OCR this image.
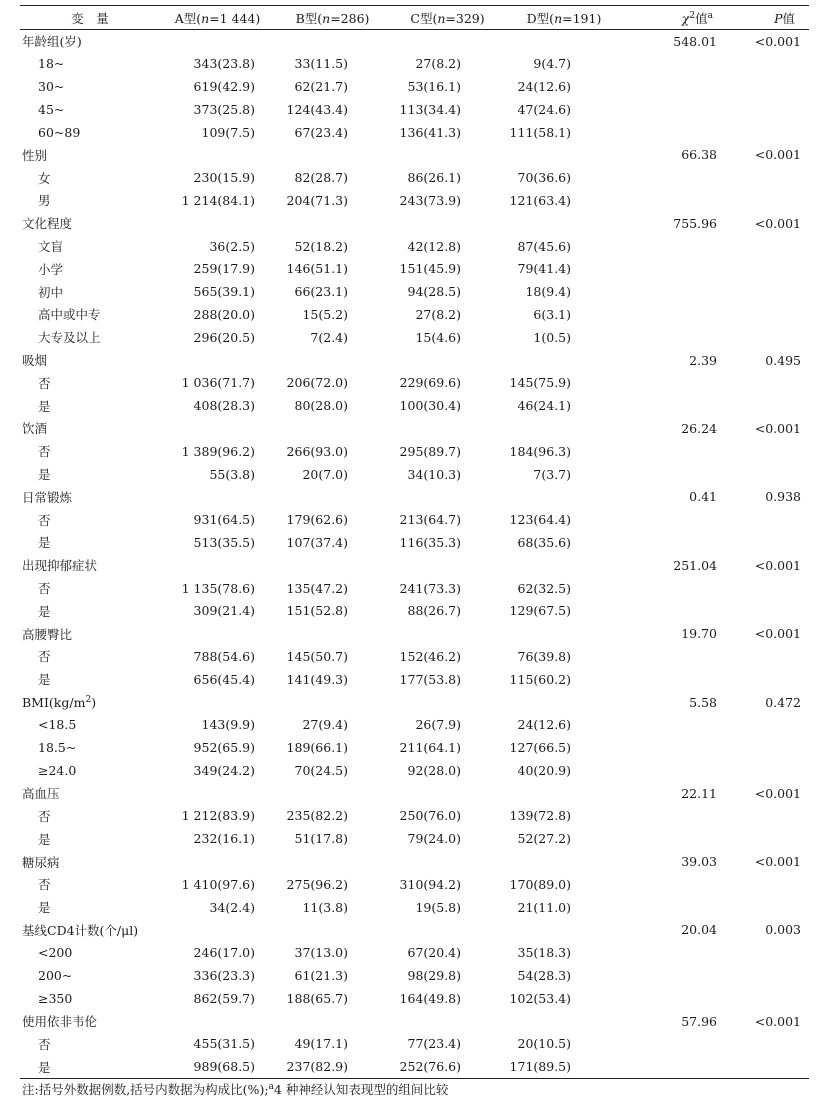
变　量	A型(n=1 444)	B型(n=286)	C型(n=329)	D型(n=191)	$\chi^2$值$^a$	P值
年龄组(岁)					548.01	<0.001
18~	343(23.8)	33(11.5)	27(8.2)	9(4.7)		
30~	619(42.9)	62(21.7)	53(16.1)	24(12.6)		
45~	373(25.8)	124(43.4)	113(34.4)	47(24.6)		
60~89	109(7.5)	67(23.4)	136(41.3)	111(58.1)		
性别					66.38	<0.001
女	230(15.9)	82(28.7)	86(26.1)	70(36.6)		
男	1 214(84.1)	204(71.3)	243(73.9)	121(63.4)		
文化程度					755.96	<0.001
文盲	36(2.5)	52(18.2)	42(12.8)	87(45.6)		
小学	259(17.9)	146(51.1)	151(45.9)	79(41.4)		
初中	565(39.1)	66(23.1)	94(28.5)	18(9.4)		
高中或中专	288(20.0)	15(5.2)	27(8.2)	6(3.1)		
大专及以上	296(20.5)	7(2.4)	15(4.6)	1(0.5)		
吸烟					2.39	0.495
否	1 036(71.7)	206(72.0)	229(69.6)	145(75.9)		
是	408(28.3)	80(28.0)	100(30.4)	46(24.1)		
饮酒					26.24	<0.001
否	1 389(96.2)	266(93.0)	295(89.7)	184(96.3)		
是	55(3.8)	20(7.0)	34(10.3)	7(3.7)		
日常锻炼					0.41	0.938
否	931(64.5)	179(62.6)	213(64.7)	123(64.4)		
是	513(35.5)	107(37.4)	116(35.3)	68(35.6)		
出现抑郁症状					251.04	<0.001
否	1 135(78.6)	135(47.2)	241(73.3)	62(32.5)		
是	309(21.4)	151(52.8)	88(26.7)	129(67.5)		
高腰臀比					19.70	<0.001
否	788(54.6)	145(50.7)	152(46.2)	76(39.8)		
是	656(45.4)	141(49.3)	177(53.8)	115(60.2)		
$BMI(kg/m^2)$					5.58	0.472
<18.5	143(9.9)	27(9.4)	26(7.9)	24(12.6)		
18.5~	952(65.9)	189(66.1)	211(64.1)	127(66.5)		
≥24.0	349(24.2)	70(24.5)	92(28.0)	40(20.9)		
高血压					22.11	<0.001
否	1 212(83.9)	235(82.2)	250(76.0)	139(72.8)		
是	232(16.1)	51(17.8)	79(24.0)	52(27.2)		
糖尿病					39.03	<0.001
否	1 410(97.6)	275(96.2)	310(94.2)	170(89.0)		
是	34(2.4)	11(3.8)	19(5.8)	21(11.0)		
基线CD4计数(个/μl)					20.04	0.003
<200	246(17.0)	37(13.0)	67(20.4)	35(18.3)		
200~	336(23.3)	61(21.3)	98(29.8)	54(28.3)		
≥350	862(59.7)	188(65.7)	164(49.8)	102(53.4)		
使用依非韦伦					57.96	<0.001
否	455(31.5)	49(17.1)	77(23.4)	20(10.5)		
是	989(68.5)	237(82.9)	252(76.6)	171(89.5)		
注:括号外数据例数,括号内数据为构成比(%);$^a$4 种神经认知表现型的组间比较
